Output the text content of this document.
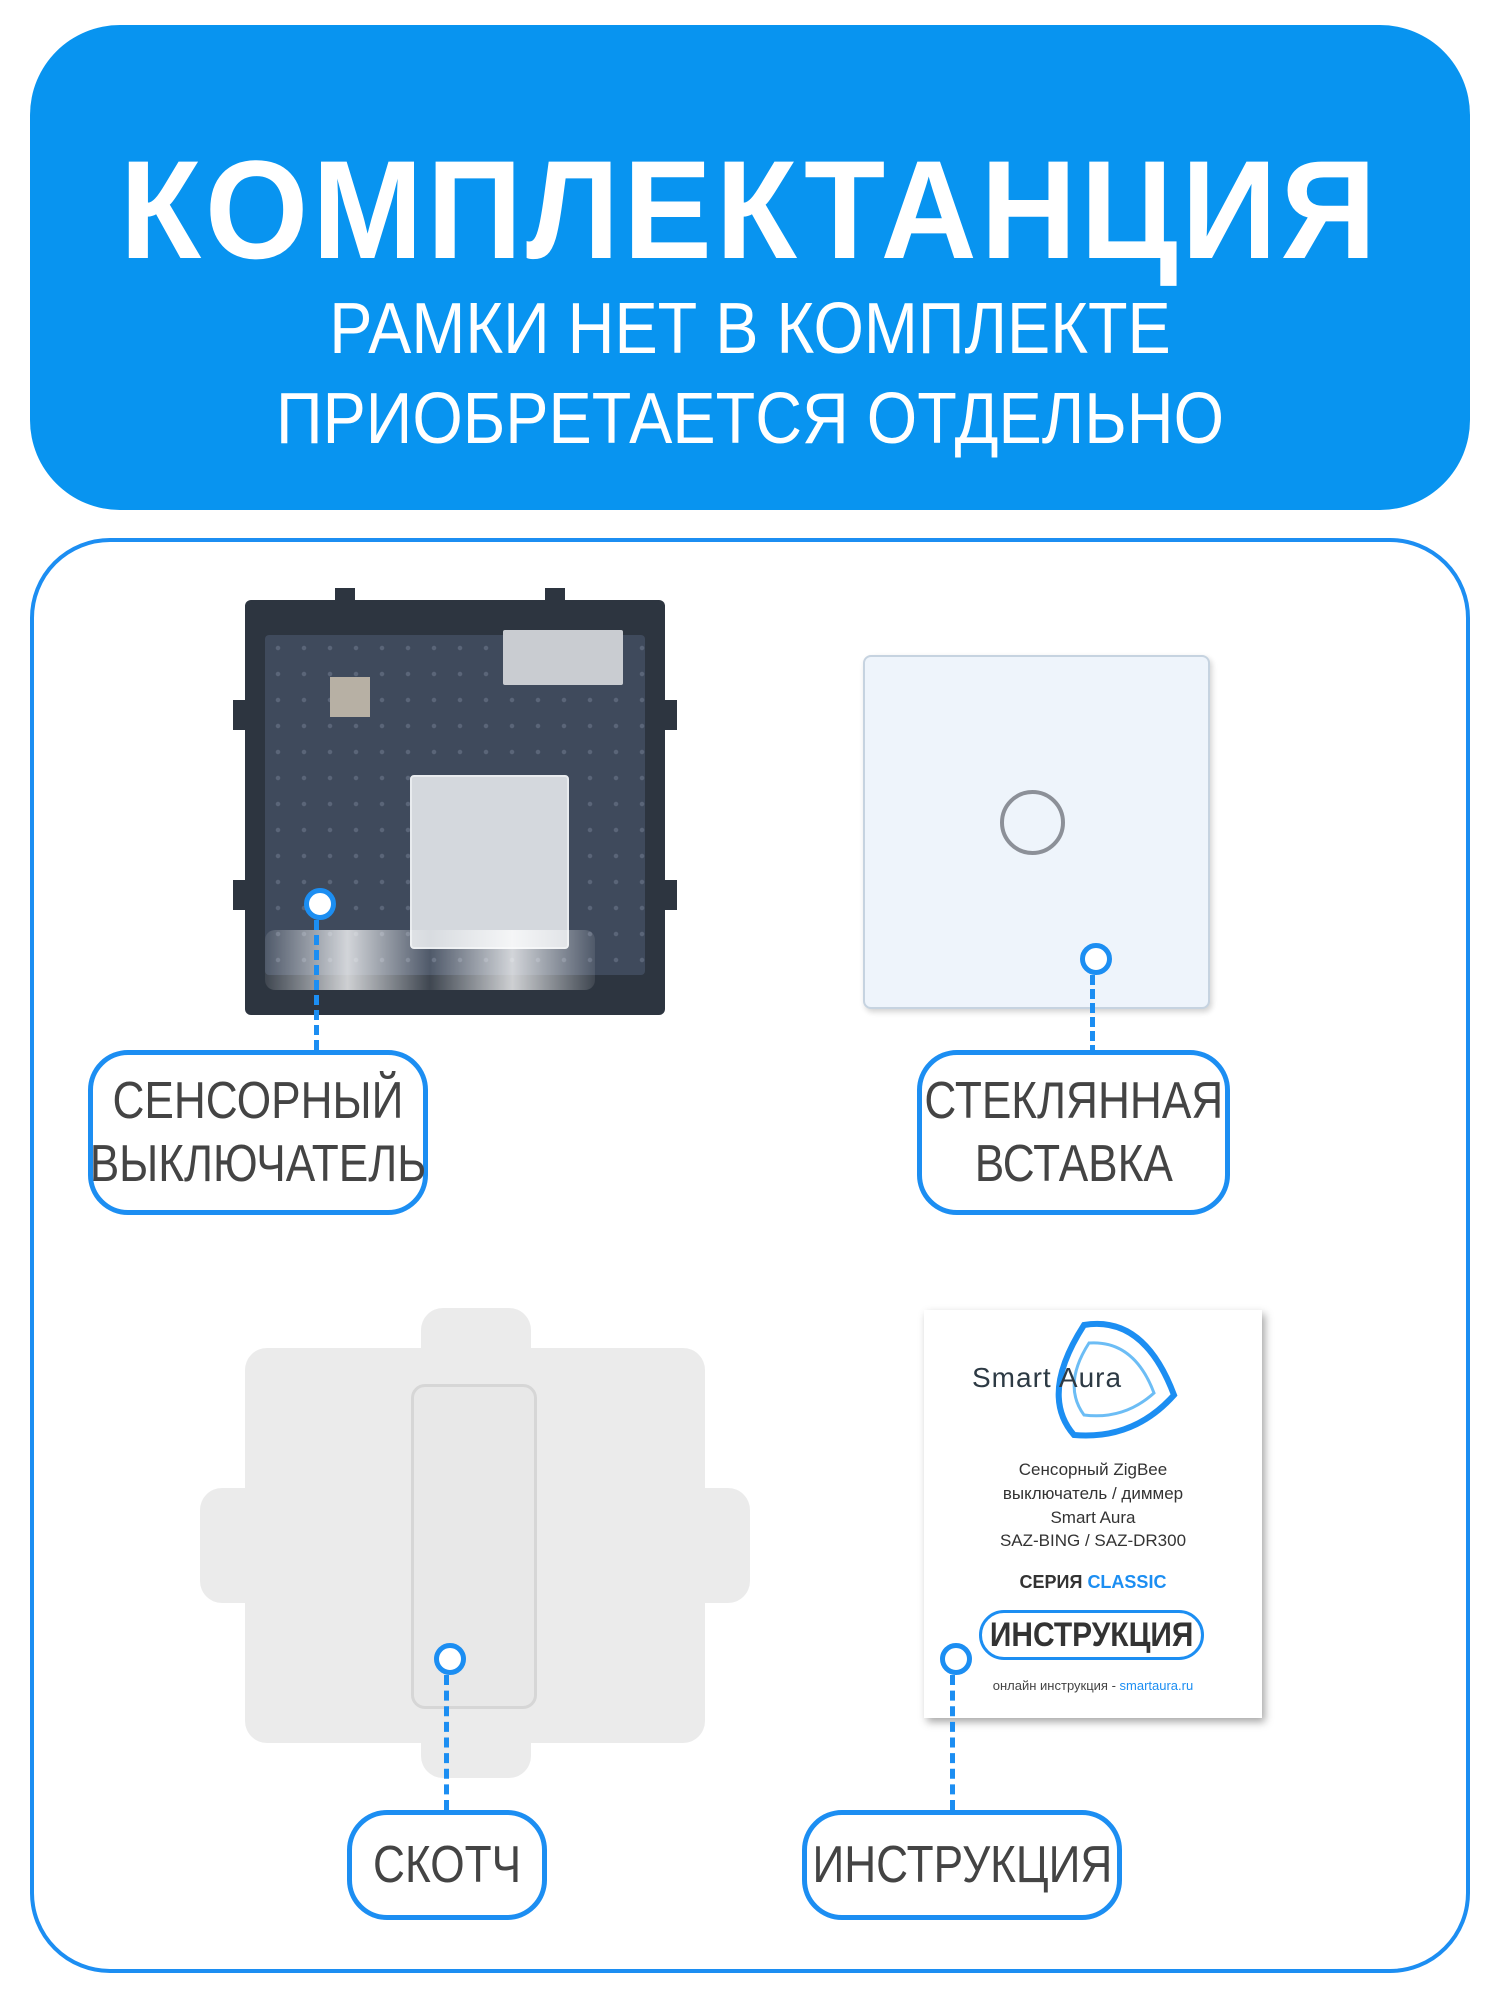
КОМПЛЕКТАНЦИЯ
РАМКИ НЕТ В КОМПЛЕКТЕ
ПРИОБРЕТАЕТСЯ ОТДЕЛЬНО
СЕНСОРНЫЙ
ВЫКЛЮЧАТЕЛЬ
СТЕКЛЯННАЯ
ВСТАВКА
СКОТЧ
Smart Aura
Сенсорный ZigBee
выключатель / диммер
Smart Aura
SAZ-BING / SAZ-DR300
СЕРИЯ CLASSIC
ИНСТРУКЦИЯ
онлайн инструкция - smartaura.ru
ИНСТРУКЦИЯ
